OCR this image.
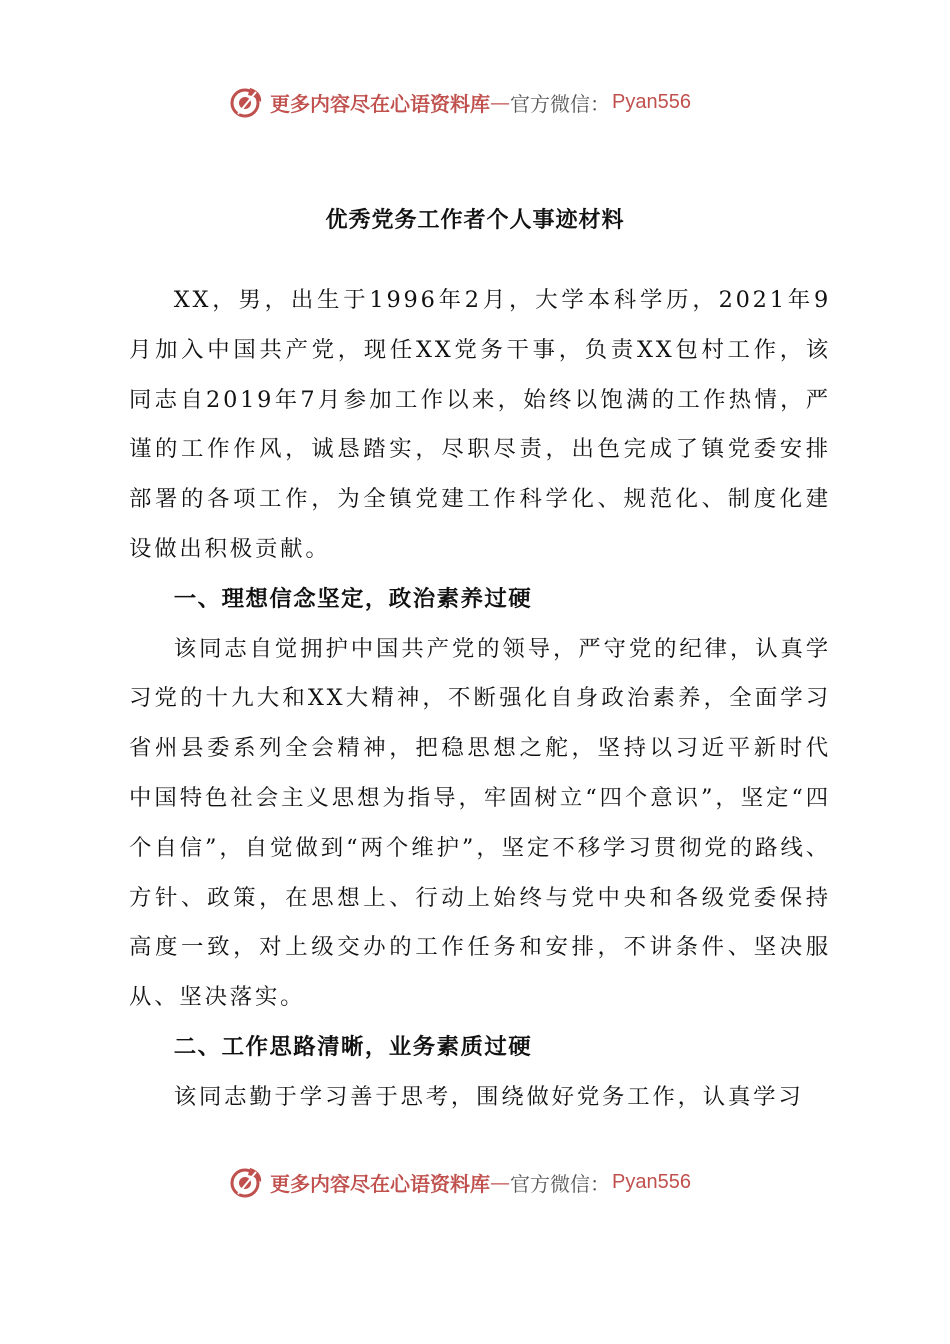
更多内容尽在心语资料库 — 官方微信： Pyan556
优秀党务工作者个人事迹材料

XX，男，出生于1996年2月，大学本科学历，2021年9月加入中国共产党，现任XX党务干事，负责XX包村工作，该同志自2019年7月参加工作以来，始终以饱满的工作热情，严谨的工作作风，诚恳踏实，尽职尽责，出色完成了镇党委安排部署的各项工作，为全镇党建工作科学化、规范化、制度化建设做出积极贡献。

一、理想信念坚定，政治素养过硬

该同志自觉拥护中国共产党的领导，严守党的纪律，认真学习党的十九大和XX大精神，不断强化自身政治素养，全面学习省州县委系列全会精神，把稳思想之舵，坚持以习近平新时代中国特色社会主义思想为指导，牢固树立“四个意识”，坚定“四个自信”，自觉做到“两个维护”，坚定不移学习贯彻党的路线、方针、政策，在思想上、行动上始终与党中央和各级党委保持高度一致，对上级交办的工作任务和安排，不讲条件、坚决服从、坚决落实。

二、工作思路清晰，业务素质过硬

该同志勤于学习善于思考，围绕做好党务工作，认真学习

更多内容尽在心语资料库 — 官方微信： Pyan556
